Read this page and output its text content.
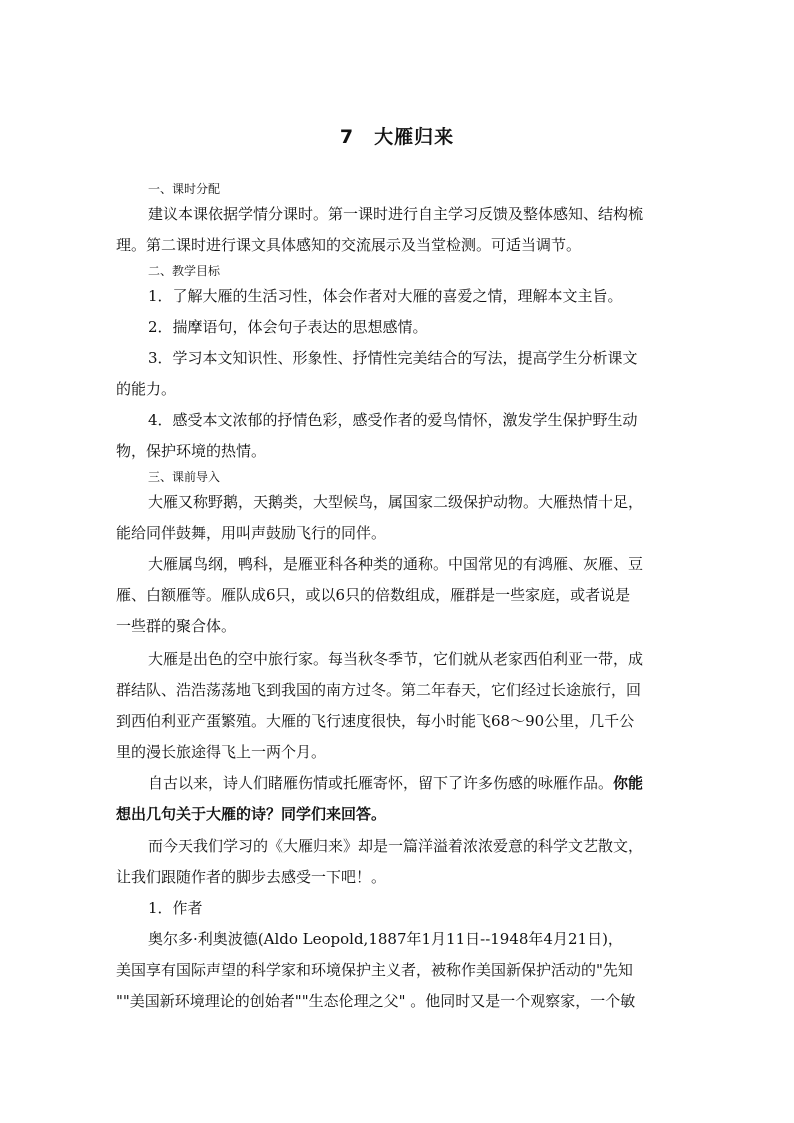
7　大雁归来
一、课时分配
建议本课依据学情分课时。第一课时进行自主学习反馈及整体感知、结构梳
理。第二课时进行课文具体感知的交流展示及当堂检测。可适当调节。
二、教学目标
1．了解大雁的生活习性，体会作者对大雁的喜爱之情，理解本文主旨。
2．揣摩语句，体会句子表达的思想感情。
3．学习本文知识性、形象性、抒情性完美结合的写法，提高学生分析课文
的能力。
4．感受本文浓郁的抒情色彩，感受作者的爱鸟情怀，激发学生保护野生动
物，保护环境的热情。
三、课前导入
大雁又称野鹅，天鹅类，大型候鸟，属国家二级保护动物。大雁热情十足，
能给同伴鼓舞，用叫声鼓励飞行的同伴。
大雁属鸟纲，鸭科，是雁亚科各种类的通称。中国常见的有鸿雁、灰雁、豆
雁、白额雁等。雁队成6只，或以6只的倍数组成，雁群是一些家庭，或者说是
一些群的聚合体。
大雁是出色的空中旅行家。每当秋冬季节，它们就从老家西伯利亚一带，成
群结队、浩浩荡荡地飞到我国的南方过冬。第二年春天，它们经过长途旅行，回
到西伯利亚产蛋繁殖。大雁的飞行速度很快，每小时能飞68～90公里，几千公
里的漫长旅途得飞上一两个月。
自古以来，诗人们睹雁伤情或托雁寄怀，留下了许多伤感的咏雁作品。你能
想出几句关于大雁的诗？同学们来回答。
而今天我们学习的《大雁归来》却是一篇洋溢着浓浓爱意的科学文艺散文，
让我们跟随作者的脚步去感受一下吧！。
1．作者
奥尔多·利奥波德(Aldo Leopold,1887年1月11日--1948年4月21日)，
美国享有国际声望的科学家和环境保护主义者，被称作美国新保护活动的"先知
""美国新环境理论的创始者""生态伦理之父" 。他同时又是一个观察家，一个敏
